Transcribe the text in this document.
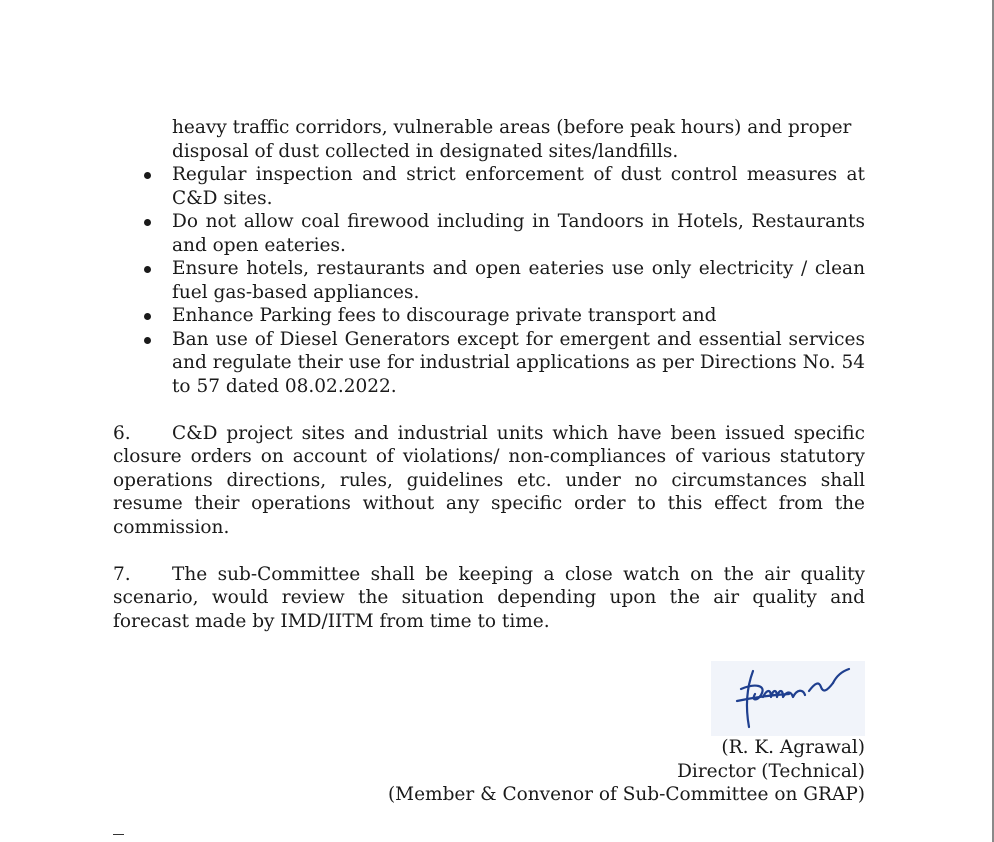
heavy traffic corridors, vulnerable areas (before peak hours) and proper disposal of dust collected in designated sites/landfills.
Regular inspection and strict enforcement of dust control measures at C&D sites.
Do not allow coal firewood including in Tandoors in Hotels, Restaurants and open eateries.
Ensure hotels, restaurants and open eateries use only electricity / clean fuel gas-based appliances.
Enhance Parking fees to discourage private transport and
Ban use of Diesel Generators except for emergent and essential services and regulate their use for industrial applications as per Directions No. 54 to 57 dated 08.02.2022.
6. C&D project sites and industrial units which have been issued specific closure orders on account of violations/ non-compliances of various statutory operations directions, rules, guidelines etc. under no circumstances shall resume their operations without any specific order to this effect from the commission.
7. The sub-Committee shall be keeping a close watch on the air quality scenario, would review the situation depending upon the air quality and forecast made by IMD/IITM from time to time.
(R. K. Agrawal)
Director (Technical)
(Member & Convenor of Sub-Committee on GRAP)
